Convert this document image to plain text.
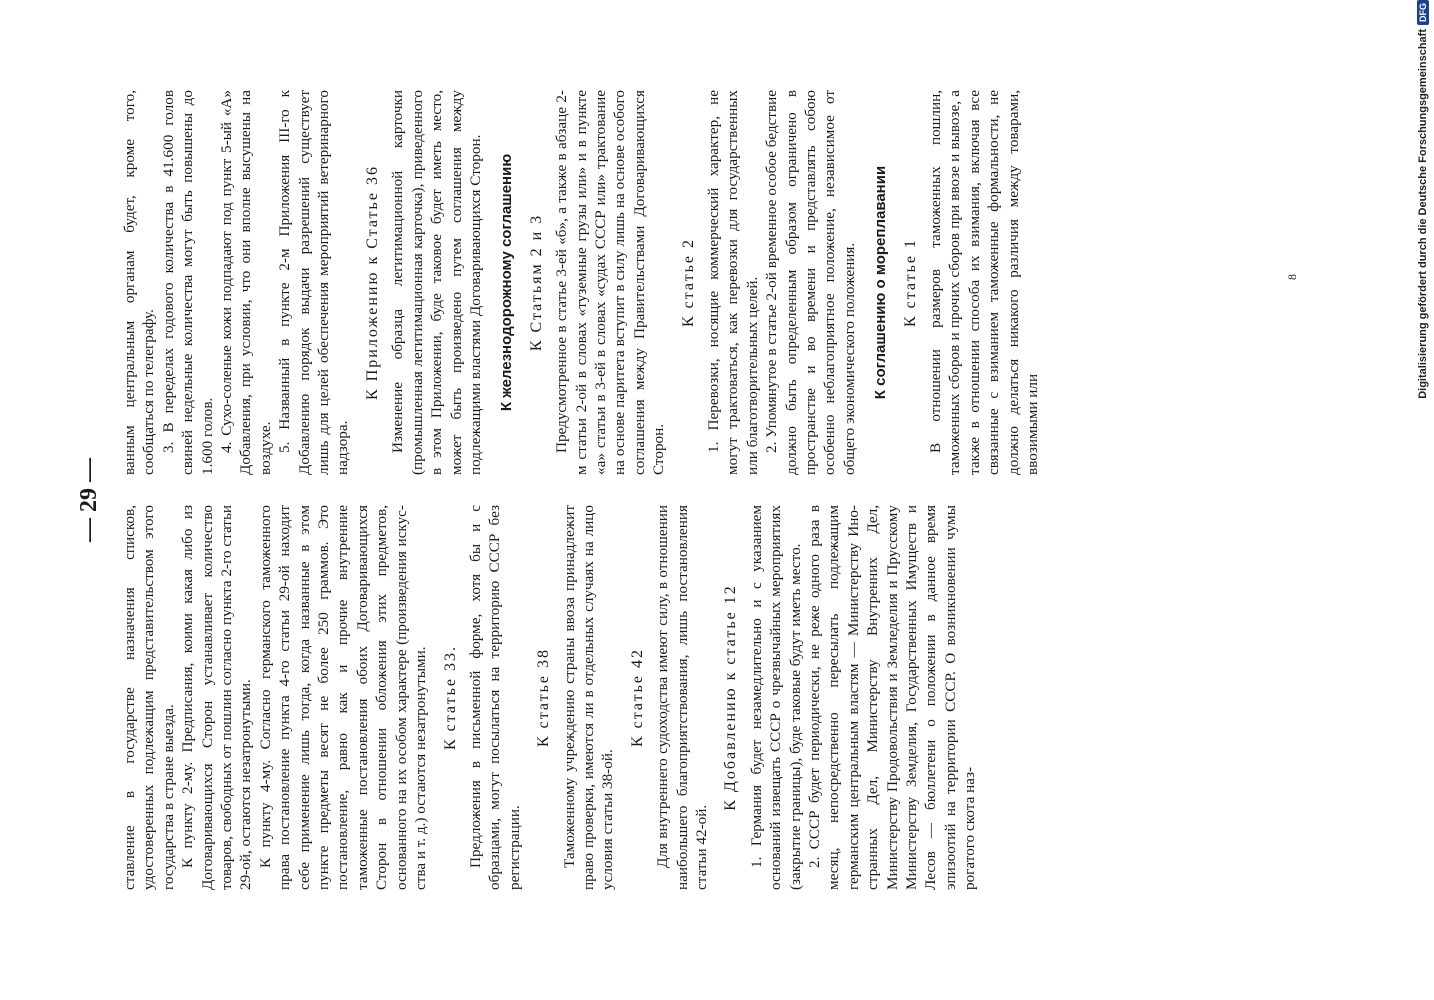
— 29 —

ставление в государстве назначения списков, удостоверенных подлежащим представительством этого государства в стране выезда. К пункту 2-му. Предписания, коими какая либо из Договаривающихся Сторон устанавливает количество товаров, свободных от пошлин согласно пункта 2-го статьи 29-ой, остаются незатронутыми. К пункту 4-му. Согласно германского таможенного права постановление пункта 4-го статьи 29-ой находит себе применение лишь тогда, когда названные в этом пункте предметы весят не более 250 граммов. Это постановление, равно как и прочие внутренние таможенные постановления обоих Договаривающихся Сторон в отношении обложения этих предметов, основанного на их особом характере (произведения искусства и т. д.) остаются незатронутыми. К статье 33. Предложения в письменной форме, хотя бы и с образцами, могут посылаться на территорию СССР без регистрации.

К статье 38 Таможенному учреждению страны ввоза принадлежит право проверки, имеются ли в отдельных случаях на лицо условия статьи 38-ой.

К статье 42 Для внутреннего судоходства имеют силу, в отношении наибольшего благоприятствования, лишь постановления статьи 42-ой.

К Добавлению к статье 12 1. Германия будет незамедлительно и с указанием оснований извещать СССР о чрезвычайных мероприятиях (закрытие границы), буде таковые будут иметь место. 2. СССР будет периодически, не реже одного раза в месяц, непосредственно пересылать подлежащим германским центральным властям — Министерству Иностранных Дел, Министерству Внутренних Дел, Министерству Продовольствия и Земледелия и Прусскому Министерству Земделия, Государственных Имуществ и Лесов — бюллетени о положении в данное время эпизоотий на территории СССР. О возникновении чумы рогатого скота наз-

ванным центральным органам будет, кроме того, сообщаться по телеграфу. 3. В переделах годового количества в 41.600 голов свиней недельные количества могут быть повышены до 1.600 голов. 4. Сухо-соленые кожи подпадают под пункт 5-ый «А» Добавления, при условии, что они вполне высушены на воздухе. 5. Названный в пункте 2-м Приложения III-го к Добавлению порядок выдачи разрешений существует лишь для целей обеспечения мероприятий ветеринарного надзора.

К Приложению к Статье 36 Изменение образца легитимационной карточки (промышленная легитимационная карточка), приведенного в этом Приложении, буде таковое будет иметь место, может быть произведено путем соглашения между подлежащими властями Договаривающихся Сторон. К железнодорожному соглашению К Статьям 2 и 3 Предусмотренное в статье 3-ей «б», а также в абзаце 2-м статьи 2-ой в словах «туземные грузы или» и в пункте «а» статьи в 3-ей в словах «судах СССР или» трактование на основе паритета вступит в силу лишь на основе особого соглашения между Правительствами Договаривающихся Сторон.

К статье 2 1. Перевозки, носящие коммерческий характер, не могут трактоваться, как перевозки для государственных или благотворительных целей. 2. Упомянутое в статье 2-ой временное особое бедствие должно быть определенным образом ограничено в пространстве и во времени и представлять собою особенно неблагоприятное положение, независимое от общего экономического положения. К соглашению о мореплавании К статье 1 В отношении размеров таможенных пошлин, таможенных сборов и прочих сборов при ввозе и вывозе, а также в отношении способа их взимания, включая все связанные с взиманием таможенные формальности, не должно делаться никакого различия между товарами, ввозимыми или

8	Digitalisierung gefördert durch die Deutsche Forschungsgemeinschaft
DFG
